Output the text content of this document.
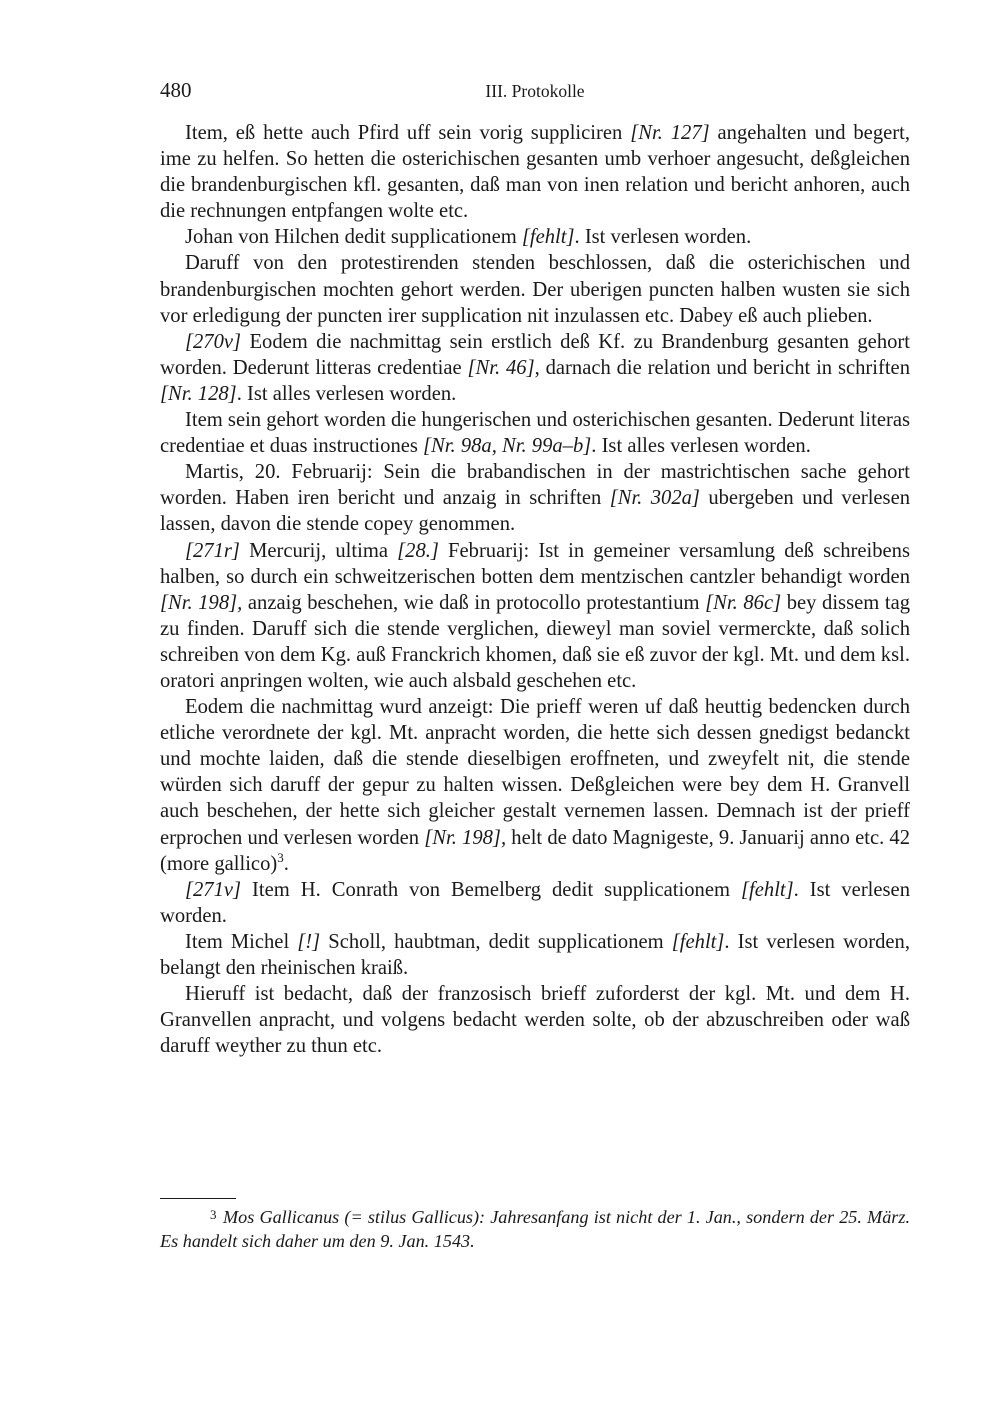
480	III. Protokolle

Item, eß hette auch Pfird uff sein vorig suppliciren [Nr. 127] angehalten und begert, ime zu helfen. So hetten die osterichischen gesanten umb verhoer angesucht, deßgleichen die brandenburgischen kfl. gesanten, daß man von inen relation und bericht anhoren, auch die rechnungen entpfangen wolte etc.

Johan von Hilchen dedit supplicationem [fehlt]. Ist verlesen worden.

Daruff von den protestirenden stenden beschlossen, daß die osterichischen und brandenburgischen mochten gehort werden. Der uberigen puncten halben wusten sie sich vor erledigung der puncten irer supplication nit inzulassen etc. Dabey eß auch plieben.

[270v] Eodem die nachmittag sein erstlich deß Kf. zu Brandenburg gesanten gehort worden. Dederunt litteras credentiae [Nr. 46], darnach die relation und bericht in schriften [Nr. 128]. Ist alles verlesen worden.

Item sein gehort worden die hungerischen und osterichischen gesanten. Dederunt literas credentiae et duas instructiones [Nr. 98a, Nr. 99a–b]. Ist alles verlesen worden.

Martis, 20. Februarij: Sein die brabandischen in der mastrichtischen sache gehort worden. Haben iren bericht und anzaig in schriften [Nr. 302a] ubergeben und verlesen lassen, davon die stende copey genommen.

[271r] Mercurij, ultima [28.] Februarij: Ist in gemeiner versamlung deß schreibens halben, so durch ein schweitzerischen botten dem mentzischen cantzler behandigt worden [Nr. 198], anzaig beschehen, wie daß in protocollo protestantium [Nr. 86c] bey dissem tag zu finden. Daruff sich die stende verglichen, dieweyl man soviel vermerckte, daß solich schreiben von dem Kg. auß Franckrich khomen, daß sie eß zuvor der kgl. Mt. und dem ksl. oratori anpringen wolten, wie auch alsbald geschehen etc.

Eodem die nachmittag wurd anzeigt: Die prieff weren uf daß heuttig bedencken durch etliche verordnete der kgl. Mt. anpracht worden, die hette sich dessen gnedigst bedanckt und mochte laiden, daß die stende dieselbigen eroffneten, und zweyfelt nit, die stende würden sich daruff der gepur zu halten wissen. Deßgleichen were bey dem H. Granvell auch beschehen, der hette sich gleicher gestalt vernemen lassen. Demnach ist der prieff erprochen und verlesen worden [Nr. 198], helt de dato Magnigeste, 9. Januarij anno etc. 42 (more gallico)$^3$.

[271v] Item H. Conrath von Bemelberg dedit supplicationem [fehlt]. Ist verlesen worden.

Item Michel [!] Scholl, haubtman, dedit supplicationem [fehlt]. Ist verlesen worden, belangt den rheinischen kraiß.

Hieruff ist bedacht, daß der franzosisch brieff zuforderst der kgl. Mt. und dem H. Granvellen anpracht, und volgens bedacht werden solte, ob der abzuschreiben oder waß daruff weyther zu thun etc.

3 Mos Gallicanus (= stilus Gallicus): Jahresanfang ist nicht der 1. Jan., sondern der 25. März. Es handelt sich daher um den 9. Jan. 1543.
